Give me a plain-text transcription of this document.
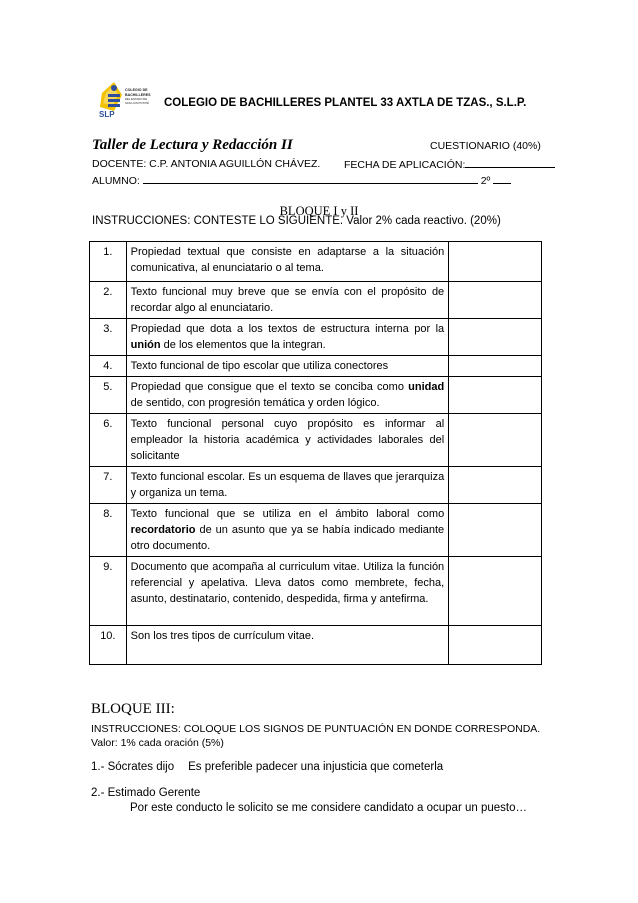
SLP
COLEGIO DE
BACHILLERES
DEL ESTADO DE
SAN LUIS POTOSÍ COLEGIO DE BACHILLERES PLANTEL 33 AXTLA DE TZAS., S.L.P.
Taller de Lectura y Redacción II	CUESTIONARIO (40%)
DOCENTE: C.P. ANTONIA AGUILLÓN CHÁVEZ. FECHA DE APLICACIÓN:
ALUMNO:	2º
BLOQUE I y II
INSTRUCCIONES: CONTESTE LO SIGUIENTE. Valor 2% cada reactivo. (20%)
1.	Propiedad textual que consiste en adaptarse a la situación comunicativa, al enunciatario o al tema.	
2.	Texto funcional muy breve que se envía con el propósito de recordar algo al enunciatario.	
3.	Propiedad que dota a los textos de estructura interna por la unión de los elementos que la integran.	
4.	Texto funcional de tipo escolar que utiliza conectores	
5.	Propiedad que consigue que el texto se conciba como unidad de sentido, con progresión temática y orden lógico.	
6.	Texto funcional personal cuyo propósito es informar al empleador la historia académica y actividades laborales del solicitante	
7.	Texto funcional escolar. Es un esquema de llaves que jerarquiza y organiza un tema.	
8.	Texto funcional que se utiliza en el ámbito laboral como recordatorio de un asunto que ya se había indicado mediante otro documento.	
9.	Documento que acompaña al curriculum vitae. Utiliza la función referencial y apelativa. Lleva datos como membrete, fecha, asunto, destinatario, contenido, despedida, firma y antefirma.	
10.	Son los tres tipos de currículum vitae.	
BLOQUE III:
INSTRUCCIONES: COLOQUE LOS SIGNOS DE PUNTUACIÓN EN DONDE CORRESPONDA.
Valor: 1% cada oración (5%)
1.- Sócrates dijo Es preferible padecer una injusticia que cometerla
2.- Estimado Gerente
Por este conducto le solicito se me considere candidato a ocupar un puesto…
